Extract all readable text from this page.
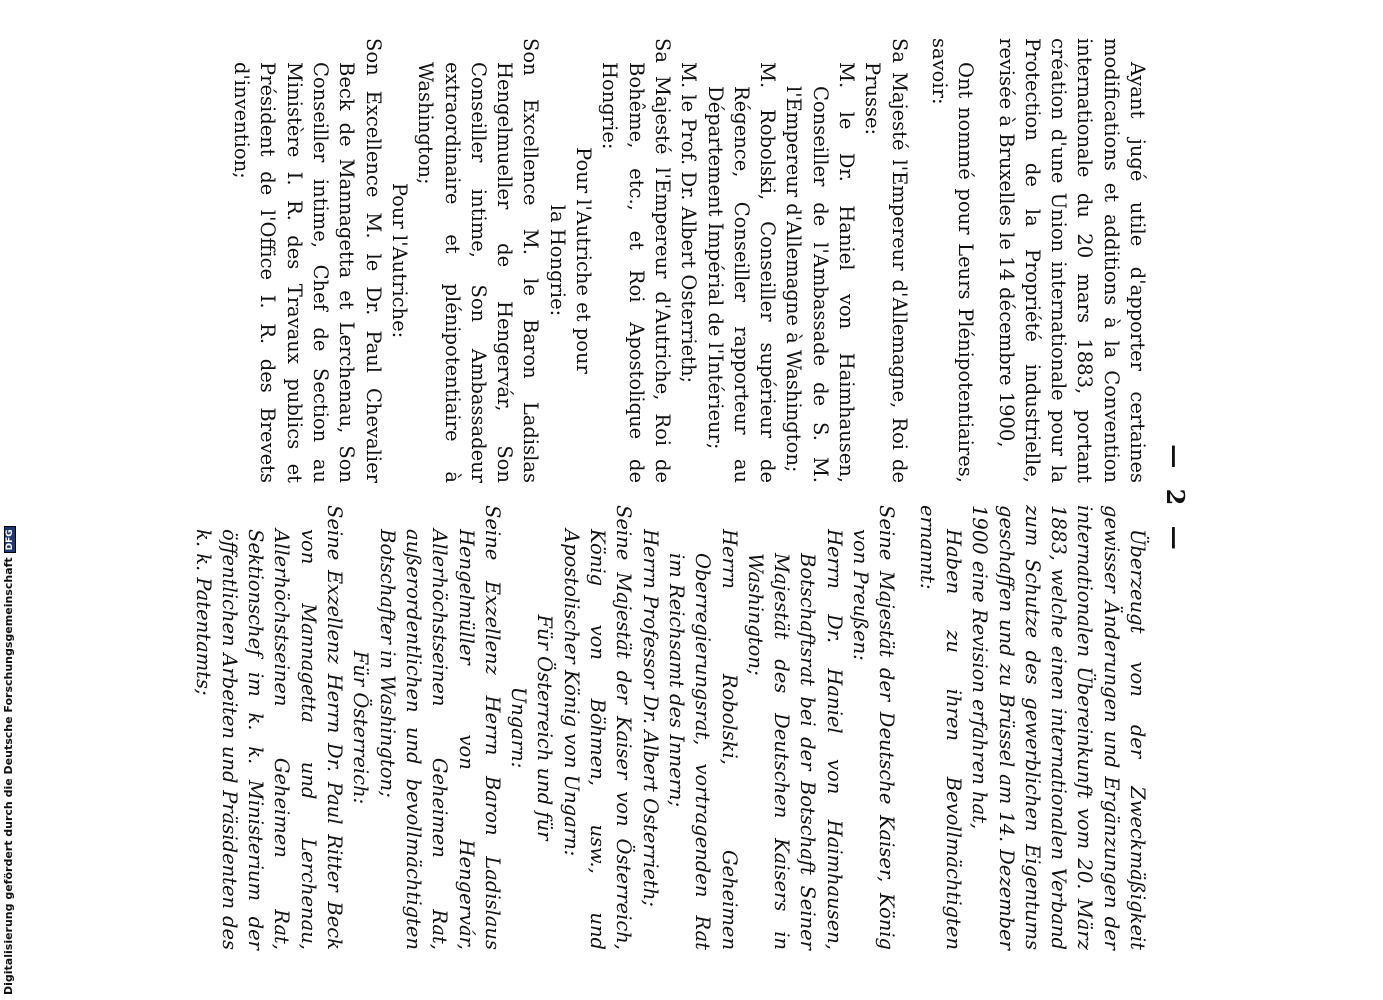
— 2 —

Ayant jugé utile d'apporter certaines modifications et additions à la Convention internationale du 20 mars 1883, portant création d'une Union internationale pour la Protection de la Propriété industrielle, revisée à Bruxelles le 14 décembre 1900,

Ont nommé pour Leurs Plénipotentiaires, savoir:

Sa Majesté l'Empereur d'Allemagne, Roi de Prusse:

M. le Dr. Haniel von Haimhausen, Conseiller de l'Ambassade de S. M. l'Empereur d'Allemagne à Washington;

M. Robolski, Conseiller supérieur de Régence, Conseiller rapporteur au Département Impérial de l'Intérieur;

M. le Prof. Dr. Albert Osterrieth;

Sa Majesté l'Empereur d'Autriche, Roi de Bohême, etc., et Roi Apostolique de Hongrie:

Pour l'Autriche et pour

la Hongrie:

Son Excellence M. le Baron Ladislas Hengelmueller de Hengervár, Son Conseiller intime, Son Ambassadeur extraordinaire et plénipotentiaire à Washington;

Pour l'Autriche:

Son Excellence M. le Dr. Paul Chevalier Beck de Mannagetta et Lerchenau, Son Conseiller intime, Chef de Section au Ministère I. R. des Travaux publics et Président de l'Office I. R. des Brevets d'invention;

Überzeugt von der Zweckmäßigkeit gewisser Änderungen und Ergänzungen der internationalen Übereinkunft vom 20. März 1883, welche einen internationalen Verband zum Schutze des gewerblichen Eigentums geschaffen und zu Brüssel am 14. Dezember 1900 eine Revision erfahren hat,

Haben zu ihren Bevollmächtigten ernannt:

Seine Majestät der Deutsche Kaiser, König von Preußen:

Herrn Dr. Haniel von Haimhausen, Botschaftsrat bei der Botschaft Seiner Majestät des Deutschen Kaisers in Washington;

Herrn Robolski, Geheimen Oberregierungsrat, vortragenden Rat im Reichsamt des Innern;

Herrn Professor Dr. Albert Osterrieth;

Seine Majestät der Kaiser von Österreich, König von Böhmen, usw., und Apostolischer König von Ungarn:

Für Österreich und für

Ungarn:

Seine Exzellenz Herrn Baron Ladislaus Hengelmüller von Hengervár, Allerhöchstseinen Geheimen Rat, außerordentlichen und bevollmächtigten Botschafter in Washington;

Für Österreich:

Seine Exzellenz Herrn Dr. Paul Ritter Beck von Mannagetta und Lerchenau, Allerhöchstseinen Geheimen Rat, Sektionschef im k. k. Ministerium der öffentlichen Arbeiten und Präsidenten des k. k. Patentamts;

Digitalisierung gefördert durch die Deutsche ForschungsgemeinschaftDFG
